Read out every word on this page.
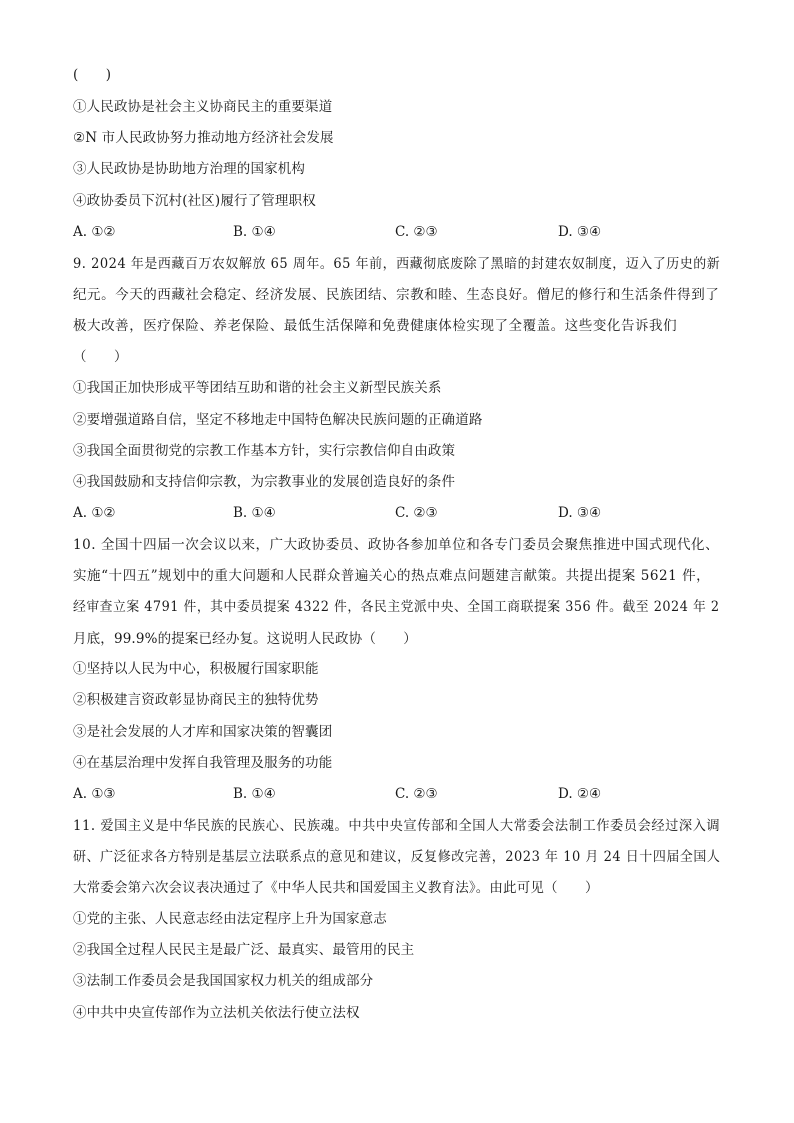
(　　)
①人民政协是社会主义协商民主的重要渠道
②N 市人民政协努力推动地方经济社会发展
③人民政协是协助地方治理的国家机构
④政协委员下沉村(社区)履行了管理职权
A. ①②	B. ①④	C. ②③	D. ③④
9. 2024 年是西藏百万农奴解放 65 周年。65 年前，西藏彻底废除了黑暗的封建农奴制度，迈入了历史的新
纪元。今天的西藏社会稳定、经济发展、民族团结、宗教和睦、生态良好。僧尼的修行和生活条件得到了
极大改善，医疗保险、养老保险、最低生活保障和免费健康体检实现了全覆盖。这些变化告诉我们
（　　）
①我国正加快形成平等团结互助和谐的社会主义新型民族关系
②要增强道路自信，坚定不移地走中国特色解决民族问题的正确道路
③我国全面贯彻党的宗教工作基本方针，实行宗教信仰自由政策
④我国鼓励和支持信仰宗教，为宗教事业的发展创造良好的条件
A. ①②	B. ①④	C. ②③	D. ③④
10. 全国十四届一次会议以来，广大政协委员、政协各参加单位和各专门委员会聚焦推进中国式现代化、
实施“十四五”规划中的重大问题和人民群众普遍关心的热点难点问题建言献策。共提出提案 5621 件，
经审查立案 4791 件，其中委员提案 4322 件，各民主党派中央、全国工商联提案 356 件。截至 2024 年 2
月底，99.9%的提案已经办复。这说明人民政协（　　）
①坚持以人民为中心，积极履行国家职能
②积极建言资政彰显协商民主的独特优势
③是社会发展的人才库和国家决策的智囊团
④在基层治理中发挥自我管理及服务的功能
A. ①③	B. ①④	C. ②③	D. ②④
11. 爱国主义是中华民族的民族心、民族魂。中共中央宣传部和全国人大常委会法制工作委员会经过深入调
研、广泛征求各方特别是基层立法联系点的意见和建议，反复修改完善，2023 年 10 月 24 日十四届全国人
大常委会第六次会议表决通过了《中华人民共和国爱国主义教育法》。由此可见（　　）
①党的主张、人民意志经由法定程序上升为国家意志
②我国全过程人民民主是最广泛、最真实、最管用的民主
③法制工作委员会是我国国家权力机关的组成部分
④中共中央宣传部作为立法机关依法行使立法权
